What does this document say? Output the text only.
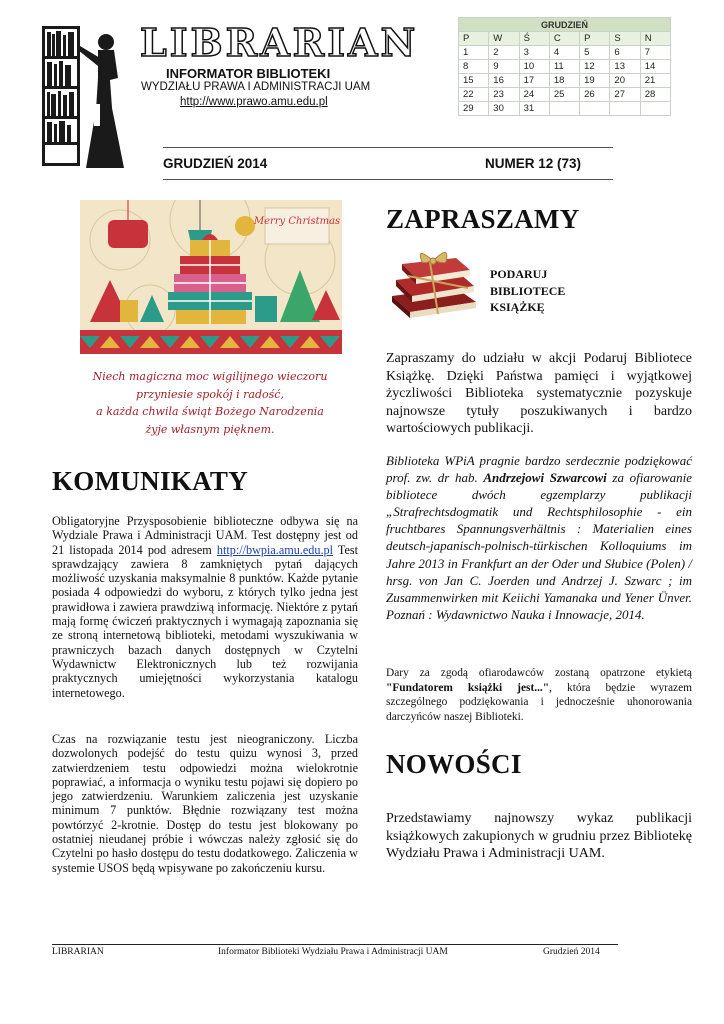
LIBRARIAN
INFORMATOR BIBLIOTEKI
WYDZIAŁU PRAWA I ADMINISTRACJI UAM
http://www.prawo.amu.edu.pl
GRUDZIEŃ						
P	W	Ś	C	P	S	N
1	2	3	4	5	6	7
8	9	10	11	12	13	14
15	16	17	18	19	20	21
22	23	24	25	26	27	28
29	30	31				
GRUDZIEŃ 2014	NUMER 12 (73)
Merry Christmas
Niech magiczna moc wigilijnego wieczoru
przyniesie spokój i radość,
a każda chwila świąt Bożego Narodzenia
żyje własnym pięknem.
KOMUNIKATY

Obligatoryjne Przysposobienie biblioteczne odbywa się na Wydziale Prawa i Administracji UAM. Test dostępny jest od 21 listopada 2014 pod adresem http://bwpia.amu.edu.pl Test sprawdzający zawiera 8 zamkniętych pytań dających możliwość uzyskania maksymalnie 8 punktów. Każde pytanie posiada 4 odpowiedzi do wyboru, z których tylko jedna jest prawidłowa i zawiera prawdziwą informację. Niektóre z pytań mają formę ćwiczeń praktycznych i wymagają zapoznania się ze stroną internetową biblioteki, metodami wyszukiwania w prawniczych bazach danych dostępnych w Czytelni Wydawnictw Elektronicznych lub też rozwijania praktycznych umiejętności wykorzystania katalogu internetowego.

Czas na rozwiązanie testu jest nieograniczony. Liczba dozwolonych podejść do testu quizu wynosi 3, przed zatwierdzeniem testu odpowiedzi można wielokrotnie poprawiać, a informacja o wyniku testu pojawi się dopiero po jego zatwierdzeniu. Warunkiem zaliczenia jest uzyskanie minimum 7 punktów. Błędnie rozwiązany test można powtórzyć 2-krotnie. Dostęp do testu jest blokowany po ostatniej nieudanej próbie i wówczas należy zgłosić się do Czytelni po hasło dostępu do testu dodatkowego. Zaliczenia w systemie USOS będą wpisywane po zakończeniu kursu.

ZAPRASZAMY
PODARUJ
BIBLIOTECE
KSIĄŻKĘ

Zapraszamy do udziału w akcji Podaruj Bibliotece Książkę. Dzięki Państwa pamięci i wyjątkowej życzliwości Biblioteka systematycznie pozyskuje najnowsze tytuły poszukiwanych i bardzo wartościowych publikacji.

Biblioteka WPiA pragnie bardzo serdecznie podziękować prof. zw. dr hab. Andrzejowi Szwarcowi za ofiarowanie bibliotece dwóch egzemplarzy publikacji „Strafrechtsdogmatik und Rechtsphilosophie - ein fruchtbares Spannungsverhältnis : Materialien eines deutsch-japanisch-polnisch-türkischen Kolloquiums im Jahre 2013 in Frankfurt an der Oder und Słubice (Polen) / hrsg. von Jan C. Joerden und Andrzej J. Szwarc ; im Zusammenwirken mit Keiichi Yamanaka und Yener Ünver. Poznań : Wydawnictwo Nauka i Innowacje, 2014.

Dary za zgodą ofiarodawców zostaną opatrzone etykietą "Fundatorem książki jest...", która będzie wyrazem szczególnego podziękowania i jednocześnie uhonorowania darczyńców naszej Biblioteki.

NOWOŚCI

Przedstawiamy najnowszy wykaz publikacji książkowych zakupionych w grudniu przez Bibliotekę Wydziału Prawa i Administracji UAM.

LIBRARIAN	Informator Biblioteki Wydziału Prawa i Administracji UAM	Grudzień 2014
